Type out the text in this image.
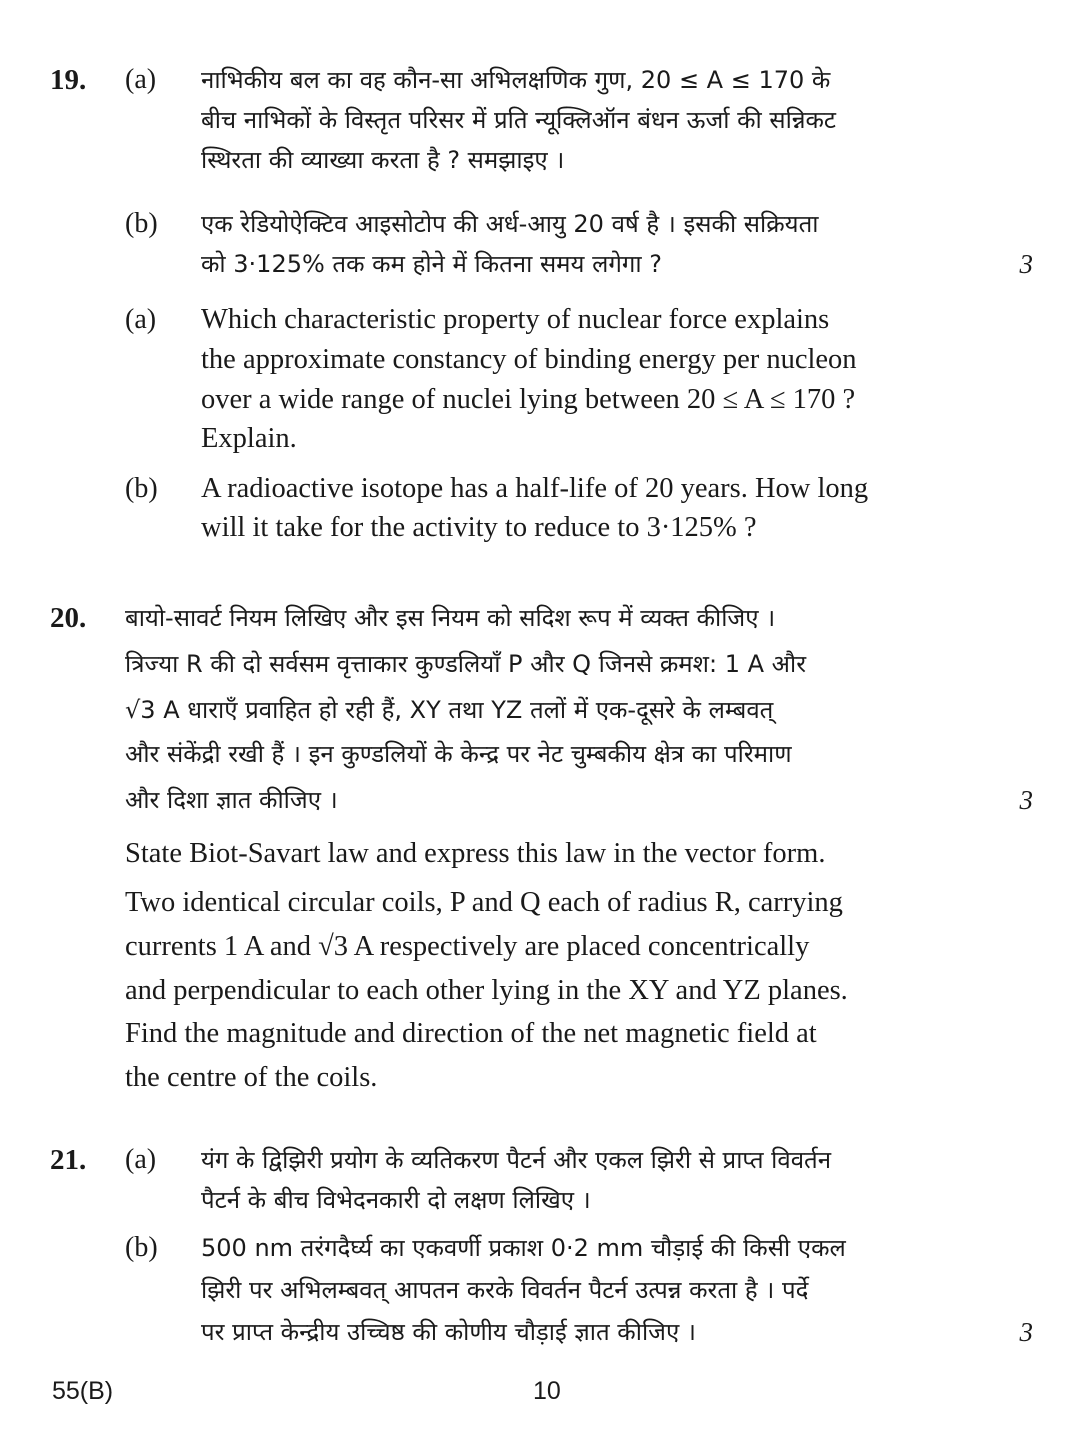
19. (a) नाभिकीय बल का वह कौन-सा अभिलक्षणिक गुण, 20 ≤ A ≤ 170 के
बीच नाभिकों के विस्तृत परिसर में प्रति न्यूक्लिऑन बंधन ऊर्जा की सन्निकट
स्थिरता की व्याख्या करता है ? समझाइए ।
(b) एक रेडियोऐक्टिव आइसोटोप की अर्ध-आयु 20 वर्ष है । इसकी सक्रियता
को 3·125% तक कम होने में कितना समय लगेगा ?	3
(a) Which characteristic property of nuclear force explains
the approximate constancy of binding energy per nucleon
over a wide range of nuclei lying between 20 ≤ A ≤ 170 ?
Explain.
(b) A radioactive isotope has a half-life of 20 years. How long
will it take for the activity to reduce to 3·125% ?
20. बायो-सावर्ट नियम लिखिए और इस नियम को सदिश रूप में व्यक्त कीजिए ।
त्रिज्या R की दो सर्वसम वृत्ताकार कुण्डलियाँ P और Q जिनसे क्रमश: 1 A और
√3 A धाराएँ प्रवाहित हो रही हैं, XY तथा YZ तलों में एक-दूसरे के लम्बवत्
और संकेंद्री रखी हैं । इन कुण्डलियों के केन्द्र पर नेट चुम्बकीय क्षेत्र का परिमाण
और दिशा ज्ञात कीजिए ।	3
State Biot-Savart law and express this law in the vector form.
Two identical circular coils, P and Q each of radius R, carrying
currents 1 A and √3 A respectively are placed concentrically
and perpendicular to each other lying in the XY and YZ planes.
Find the magnitude and direction of the net magnetic field at
the centre of the coils.
21. (a) यंग के द्विझिरी प्रयोग के व्यतिकरण पैटर्न और एकल झिरी से प्राप्त विवर्तन
पैटर्न के बीच विभेदनकारी दो लक्षण लिखिए ।
(b) 500 nm तरंगदैर्घ्य का एकवर्णी प्रकाश 0·2 mm चौड़ाई की किसी एकल
झिरी पर अभिलम्बवत् आपतन करके विवर्तन पैटर्न उत्पन्न करता है । पर्दे
पर प्राप्त केन्द्रीय उच्चिष्ठ की कोणीय चौड़ाई ज्ञात कीजिए ।	3
55(B)	10
